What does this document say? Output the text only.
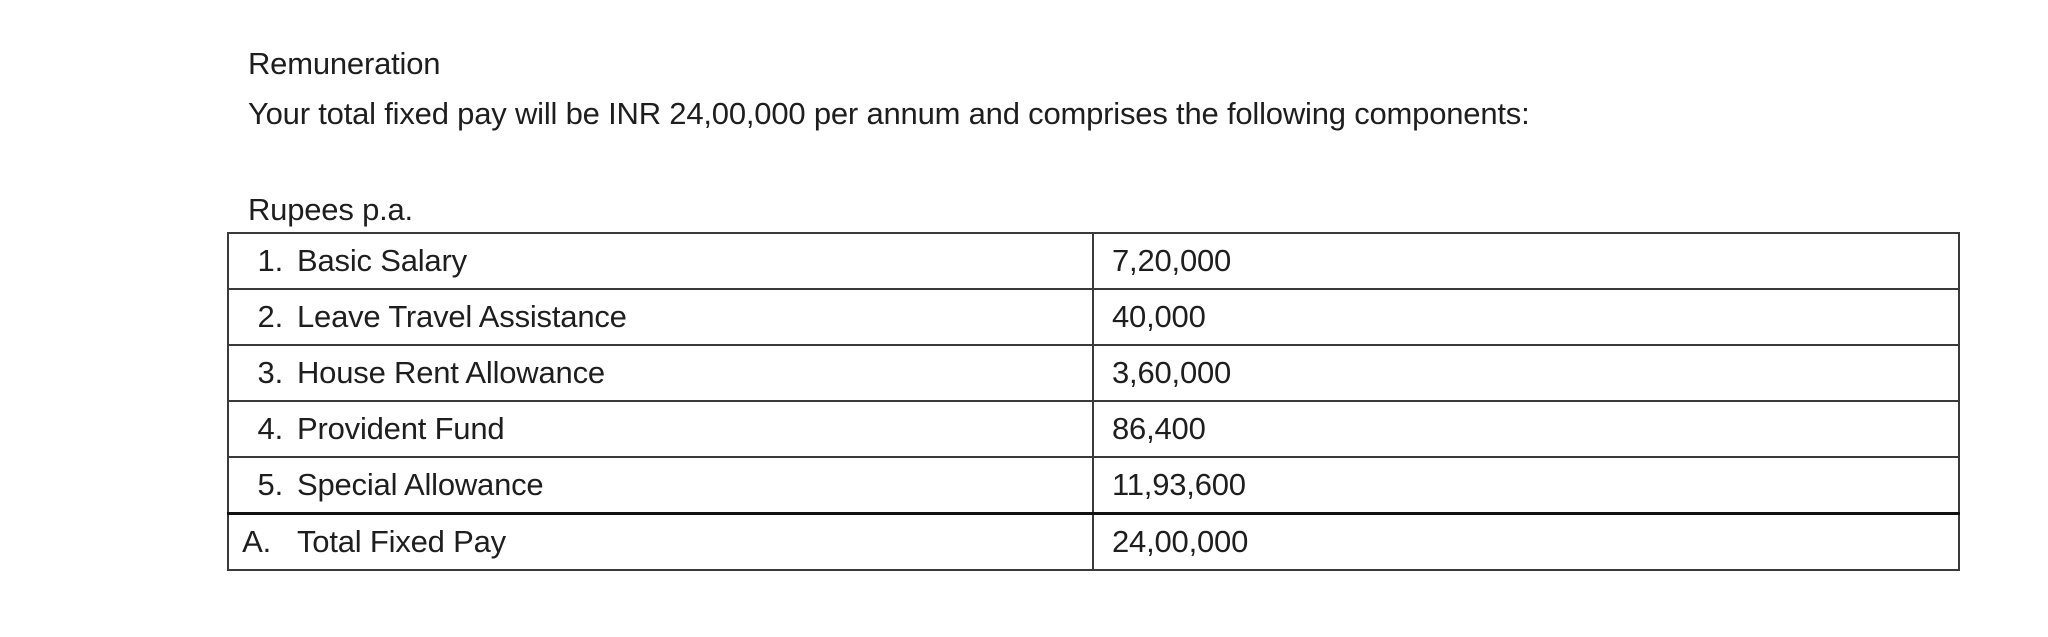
Remuneration
Your total fixed pay will be INR 24,00,000 per annum and comprises the following components:
Rupees p.a.
1. Basic Salary	7,20,000
2. Leave Travel Assistance	40,000
3. House Rent Allowance	3,60,000
4. Provident Fund	86,400
5. Special Allowance	11,93,600
A. Total Fixed Pay	24,00,000
